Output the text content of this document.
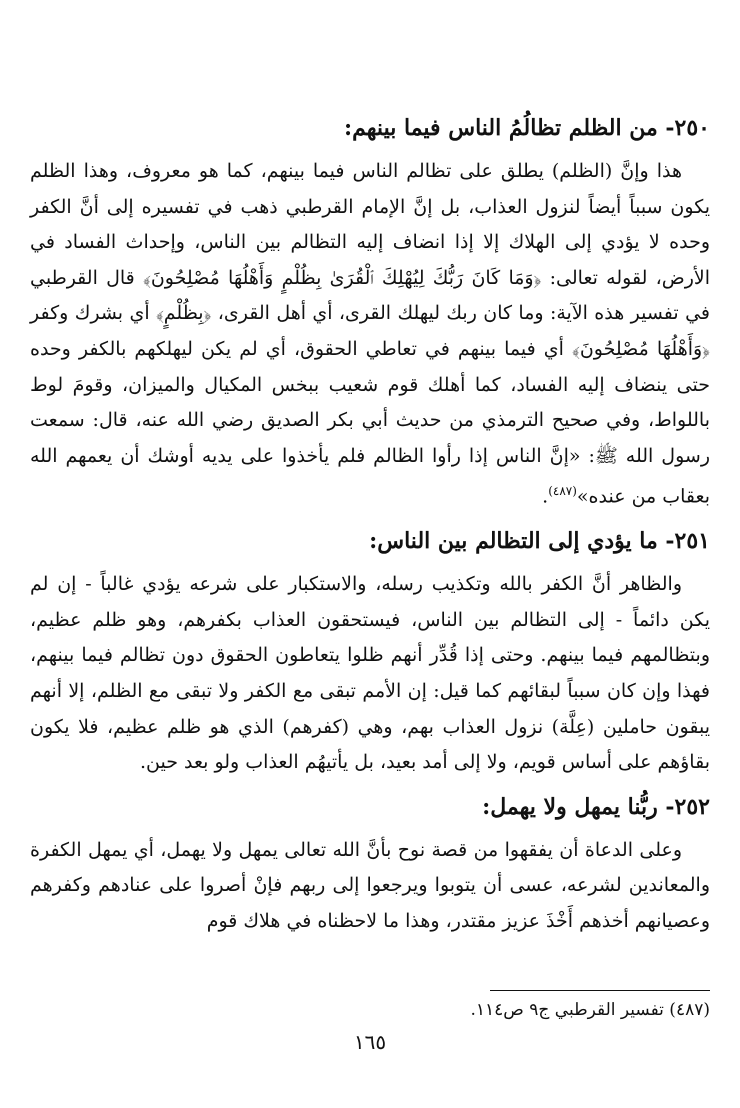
٢٥٠- من الظلم تظالُمُ الناس فيما بينهم:

هذا وإنَّ (الظلم) يطلق على تظالم الناس فيما بينهم، كما هو معروف، وهذا الظلم يكون سبباً أيضاً لنزول العذاب، بل إنَّ الإمام القرطبي ذهب في تفسيره إلى أنَّ الكفر وحده لا يؤدي إلى الهلاك إلا إذا انضاف إليه التظالم بين الناس، وإحداث الفساد في الأرض، لقوله تعالى: ﴿وَمَا كَانَ رَبُّكَ لِيُهْلِكَ ٱلْقُرَىٰ بِظُلْمٍ وَأَهْلُهَا مُصْلِحُونَ﴾ قال القرطبي في تفسير هذه الآية: وما كان ربك ليهلك القرى، أي أهل القرى، ﴿بِظُلْمٍ﴾ أي بشرك وكفر ﴿وَأَهْلُهَا مُصْلِحُونَ﴾ أي فيما بينهم في تعاطي الحقوق، أي لم يكن ليهلكهم بالكفر وحده حتى ينضاف إليه الفساد، كما أهلك قوم شعيب ببخس المكيال والميزان، وقومَ لوط باللواط، وفي صحيح الترمذي من حديث أبي بكر الصديق رضي الله عنه، قال: سمعت رسول الله ﷺ: «إنَّ الناس إذا رأوا الظالم فلم يأخذوا على يديه أوشك أن يعمهم الله بعقاب من عنده»$^{(٤٨٧)}$.

٢٥١- ما يؤدي إلى التظالم بين الناس:

والظاهر أنَّ الكفر بالله وتكذيب رسله، والاستكبار على شرعه يؤدي غالباً - إن لم يكن دائماً - إلى التظالم بين الناس، فيستحقون العذاب بكفرهم، وهو ظلم عظيم، وبتظالمهم فيما بينهم. وحتى إذا قُدِّر أنهم ظلوا يتعاطون الحقوق دون تظالم فيما بينهم، فهذا وإن كان سبباً لبقائهم كما قيل: إن الأمم تبقى مع الكفر ولا تبقى مع الظلم، إلا أنهم يبقون حاملين (عِلَّة) نزول العذاب بهم، وهي (كفرهم) الذي هو ظلم عظيم، فلا يكون بقاؤهم على أساس قويم، ولا إلى أمد بعيد، بل يأتيهُم العذاب ولو بعد حين.

٢٥٢- ربُّنا يمهل ولا يهمل:

وعلى الدعاة أن يفقهوا من قصة نوح بأنَّ الله تعالى يمهل ولا يهمل، أي يمهل الكفرة والمعاندين لشرعه، عسى أن يتوبوا ويرجعوا إلى ربهم فإنْ أصروا على عنادهم وكفرهم وعصيانهم أخذهم أَخْذَ عزيز مقتدر، وهذا ما لاحظناه في هلاك قوم

(٤٨٧) تفسير القرطبي ج٩ ص١١٤.
١٦٥
